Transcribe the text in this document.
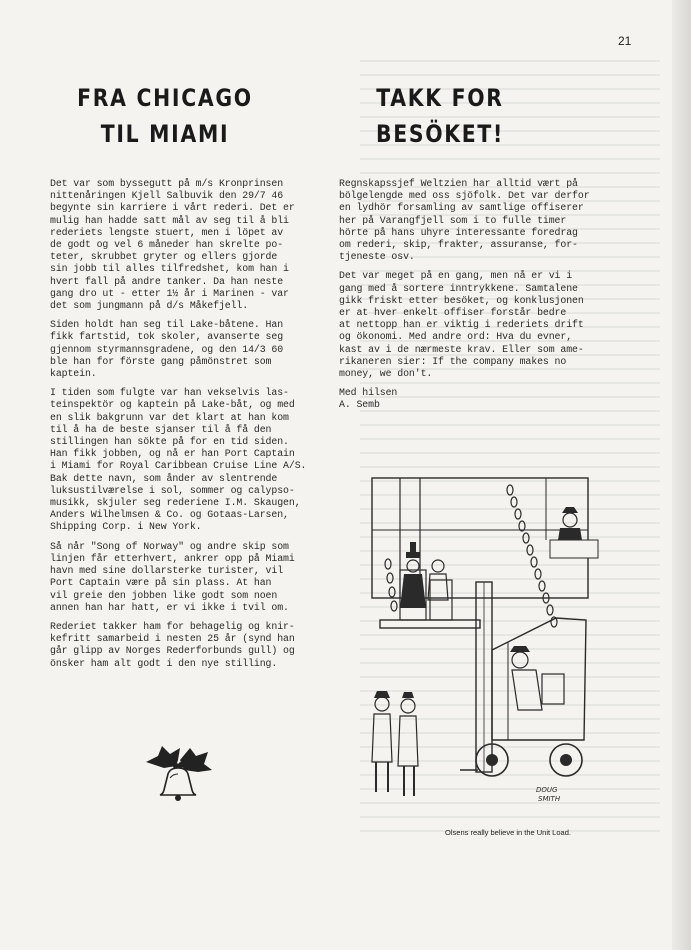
21
FRA CHICAGO
TIL MIAMI
TAKK FOR
BESÖKET!

Det var som byssegutt på m/s Kronprinsen
nittenåringen Kjell Salbuvik den 29/7 46
begynte sin karriere i vårt rederi. Det er
mulig han hadde satt mål av seg til å bli
rederiets lengste stuert, men i löpet av
de godt og vel 6 måneder han skrelte po-
teter, skrubbet gryter og ellers gjorde
sin jobb til alles tilfredshet, kom han i
hvert fall på andre tanker. Da han neste
gang dro ut - etter 1½ år i Marinen - var
det som jungmann på d/s Måkefjell.

Siden holdt han seg til Lake-båtene. Han
fikk fartstid, tok skoler, avanserte seg
gjennom styrmannsgradene, og den 14/3 60
ble han for förste gang påmönstret som
kaptein.

I tiden som fulgte var han vekselvis las-
teinspektör og kaptein på Lake-båt, og med
en slik bakgrunn var det klart at han kom
til å ha de beste sjanser til å få den
stillingen han sökte på for en tid siden.
Han fikk jobben, og nå er han Port Captain
i Miami for Royal Caribbean Cruise Line A/S.
Bak dette navn, som ånder av slentrende
luksustilværelse i sol, sommer og calypso-
musikk, skjuler seg rederiene I.M. Skaugen,
Anders Wilhelmsen & Co. og Gotaas-Larsen,
Shipping Corp. i New York.

Så når "Song of Norway" og andre skip som
linjen får etterhvert, ankrer opp på Miami
havn med sine dollarsterke turister, vil
Port Captain være på sin plass. At han
vil greie den jobben like godt som noen
annen han har hatt, er vi ikke i tvil om.

Rederiet takker ham for behagelig og knir-
kefritt samarbeid i nesten 25 år (synd han
går glipp av Norges Rederforbunds gull) og
önsker ham alt godt i den nye stilling.

Regnskapssjef Weltzien har alltid vært på
bölgelengde med oss sjöfolk. Det var derfor
en lydhör forsamling av samtlige offiserer
her på Varangfjell som i to fulle timer
hörte på hans uhyre interessante foredrag
om rederi, skip, frakter, assuranse, for-
tjeneste osv.

Det var meget på en gang, men nå er vi i
gang med å sortere inntrykkene. Samtalene
gikk friskt etter besöket, og konklusjonen
er at hver enkelt offiser forstår bedre
at nettopp han er viktig i rederiets drift
og ökonomi. Med andre ord: Hva du evner,
kast av i de nærmeste krav. Eller som ame-
rikaneren sier: If the company makes no
money, we don't.

Med hilsen
A. Semb

DOUG
SMITH
Olsens really believe in the Unit Load.
